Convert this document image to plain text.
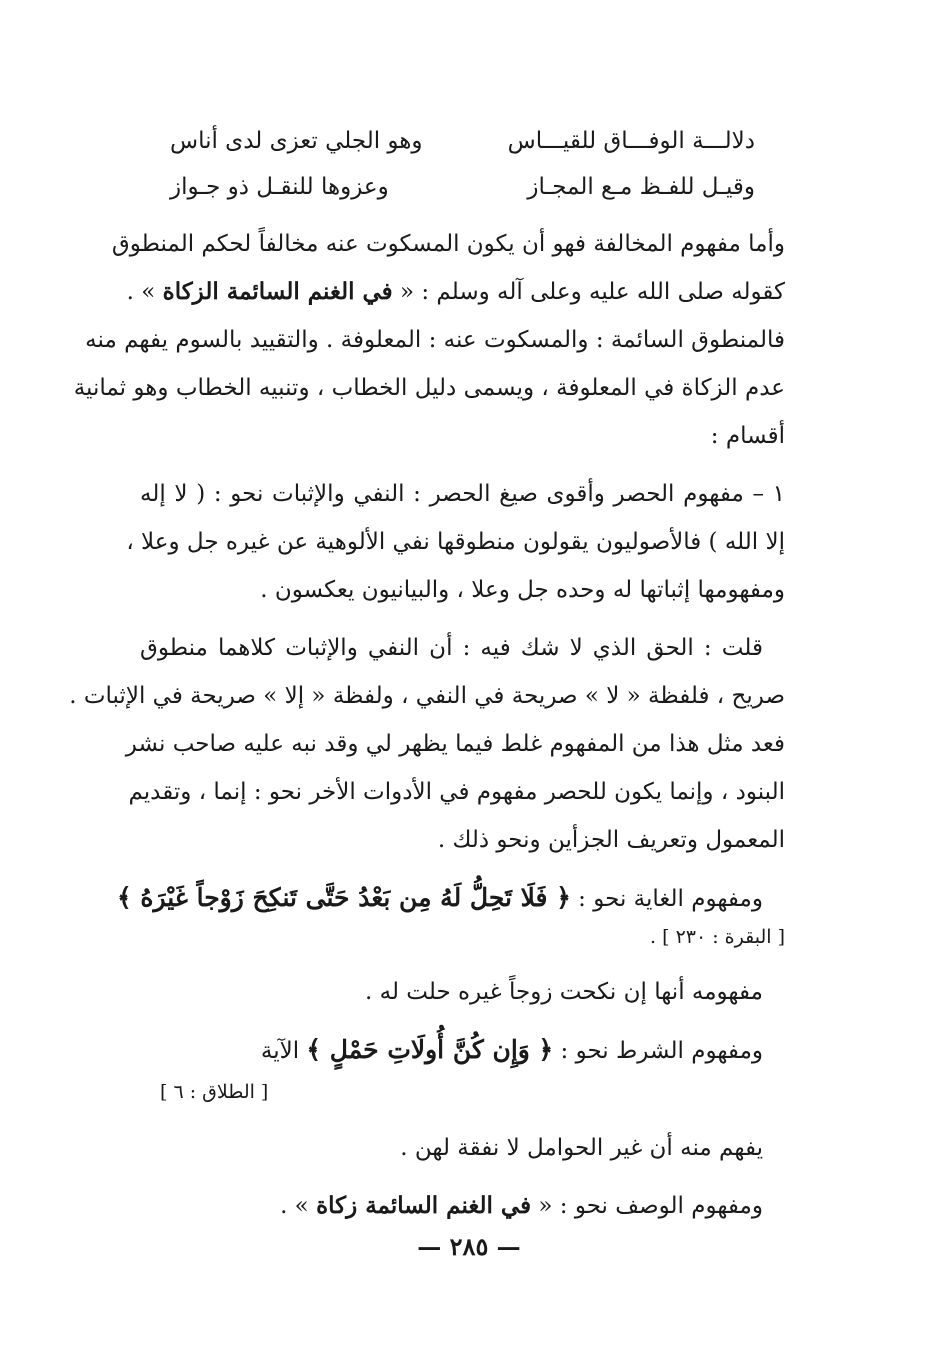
دلالـــة الوفـــاق للقيـــاس
وهو الجلي تعزى لدى أناس
وقيـل للفـظ مـع المجـاز
وعزوها للنقـل ذو جـواز
وأما مفهوم المخالفة فهو أن يكون المسكوت عنه مخالفاً لحكم المنطوق
كقوله صلى الله عليه وعلى آله وسلم : « في الغنم السائمة الزكاة » .
فالمنطوق السائمة : والمسكوت عنه : المعلوفة . والتقييد بالسوم يفهم منه
عدم الزكاة في المعلوفة ، ويسمى دليل الخطاب ، وتنبيه الخطاب وهو ثمانية
أقسام :
١ – مفهوم الحصر وأقوى صيغ الحصر : النفي والإثبات نحو : ( لا إله
إلا الله ) فالأصوليون يقولون منطوقها نفي الألوهية عن غيره جل وعلا ،
ومفهومها إثباتها له وحده جل وعلا ، والبيانيون يعكسون .
قلت : الحق الذي لا شك فيه : أن النفي والإثبات كلاهما منطوق
صريح ، فلفظة « لا » صريحة في النفي ، ولفظة « إلا » صريحة في الإثبات .
فعد مثل هذا من المفهوم غلط فيما يظهر لي وقد نبه عليه صاحب نشر
البنود ، وإنما يكون للحصر مفهوم في الأدوات الأخر نحو : إنما ، وتقديم
المعمول وتعريف الجزأين ونحو ذلك .
ومفهوم الغاية نحو : ﴿ فَلَا تَحِلُّ لَهُ مِن بَعْدُ حَتَّى تَنكِحَ زَوْجاً غَيْرَهُ ﴾
[ البقرة : ٢٣٠ ] .
مفهومه أنها إن نكحت زوجاً غيره حلت له .
ومفهوم الشرط نحو : ﴿ وَإِن كُنَّ أُولَاتِ حَمْلٍ ﴾ الآية
[ الطلاق : ٦ ]
يفهم منه أن غير الحوامل لا نفقة لهن .
ومفهوم الوصف نحو : « في الغنم السائمة زكاة » .
— ٢٨٥ —
